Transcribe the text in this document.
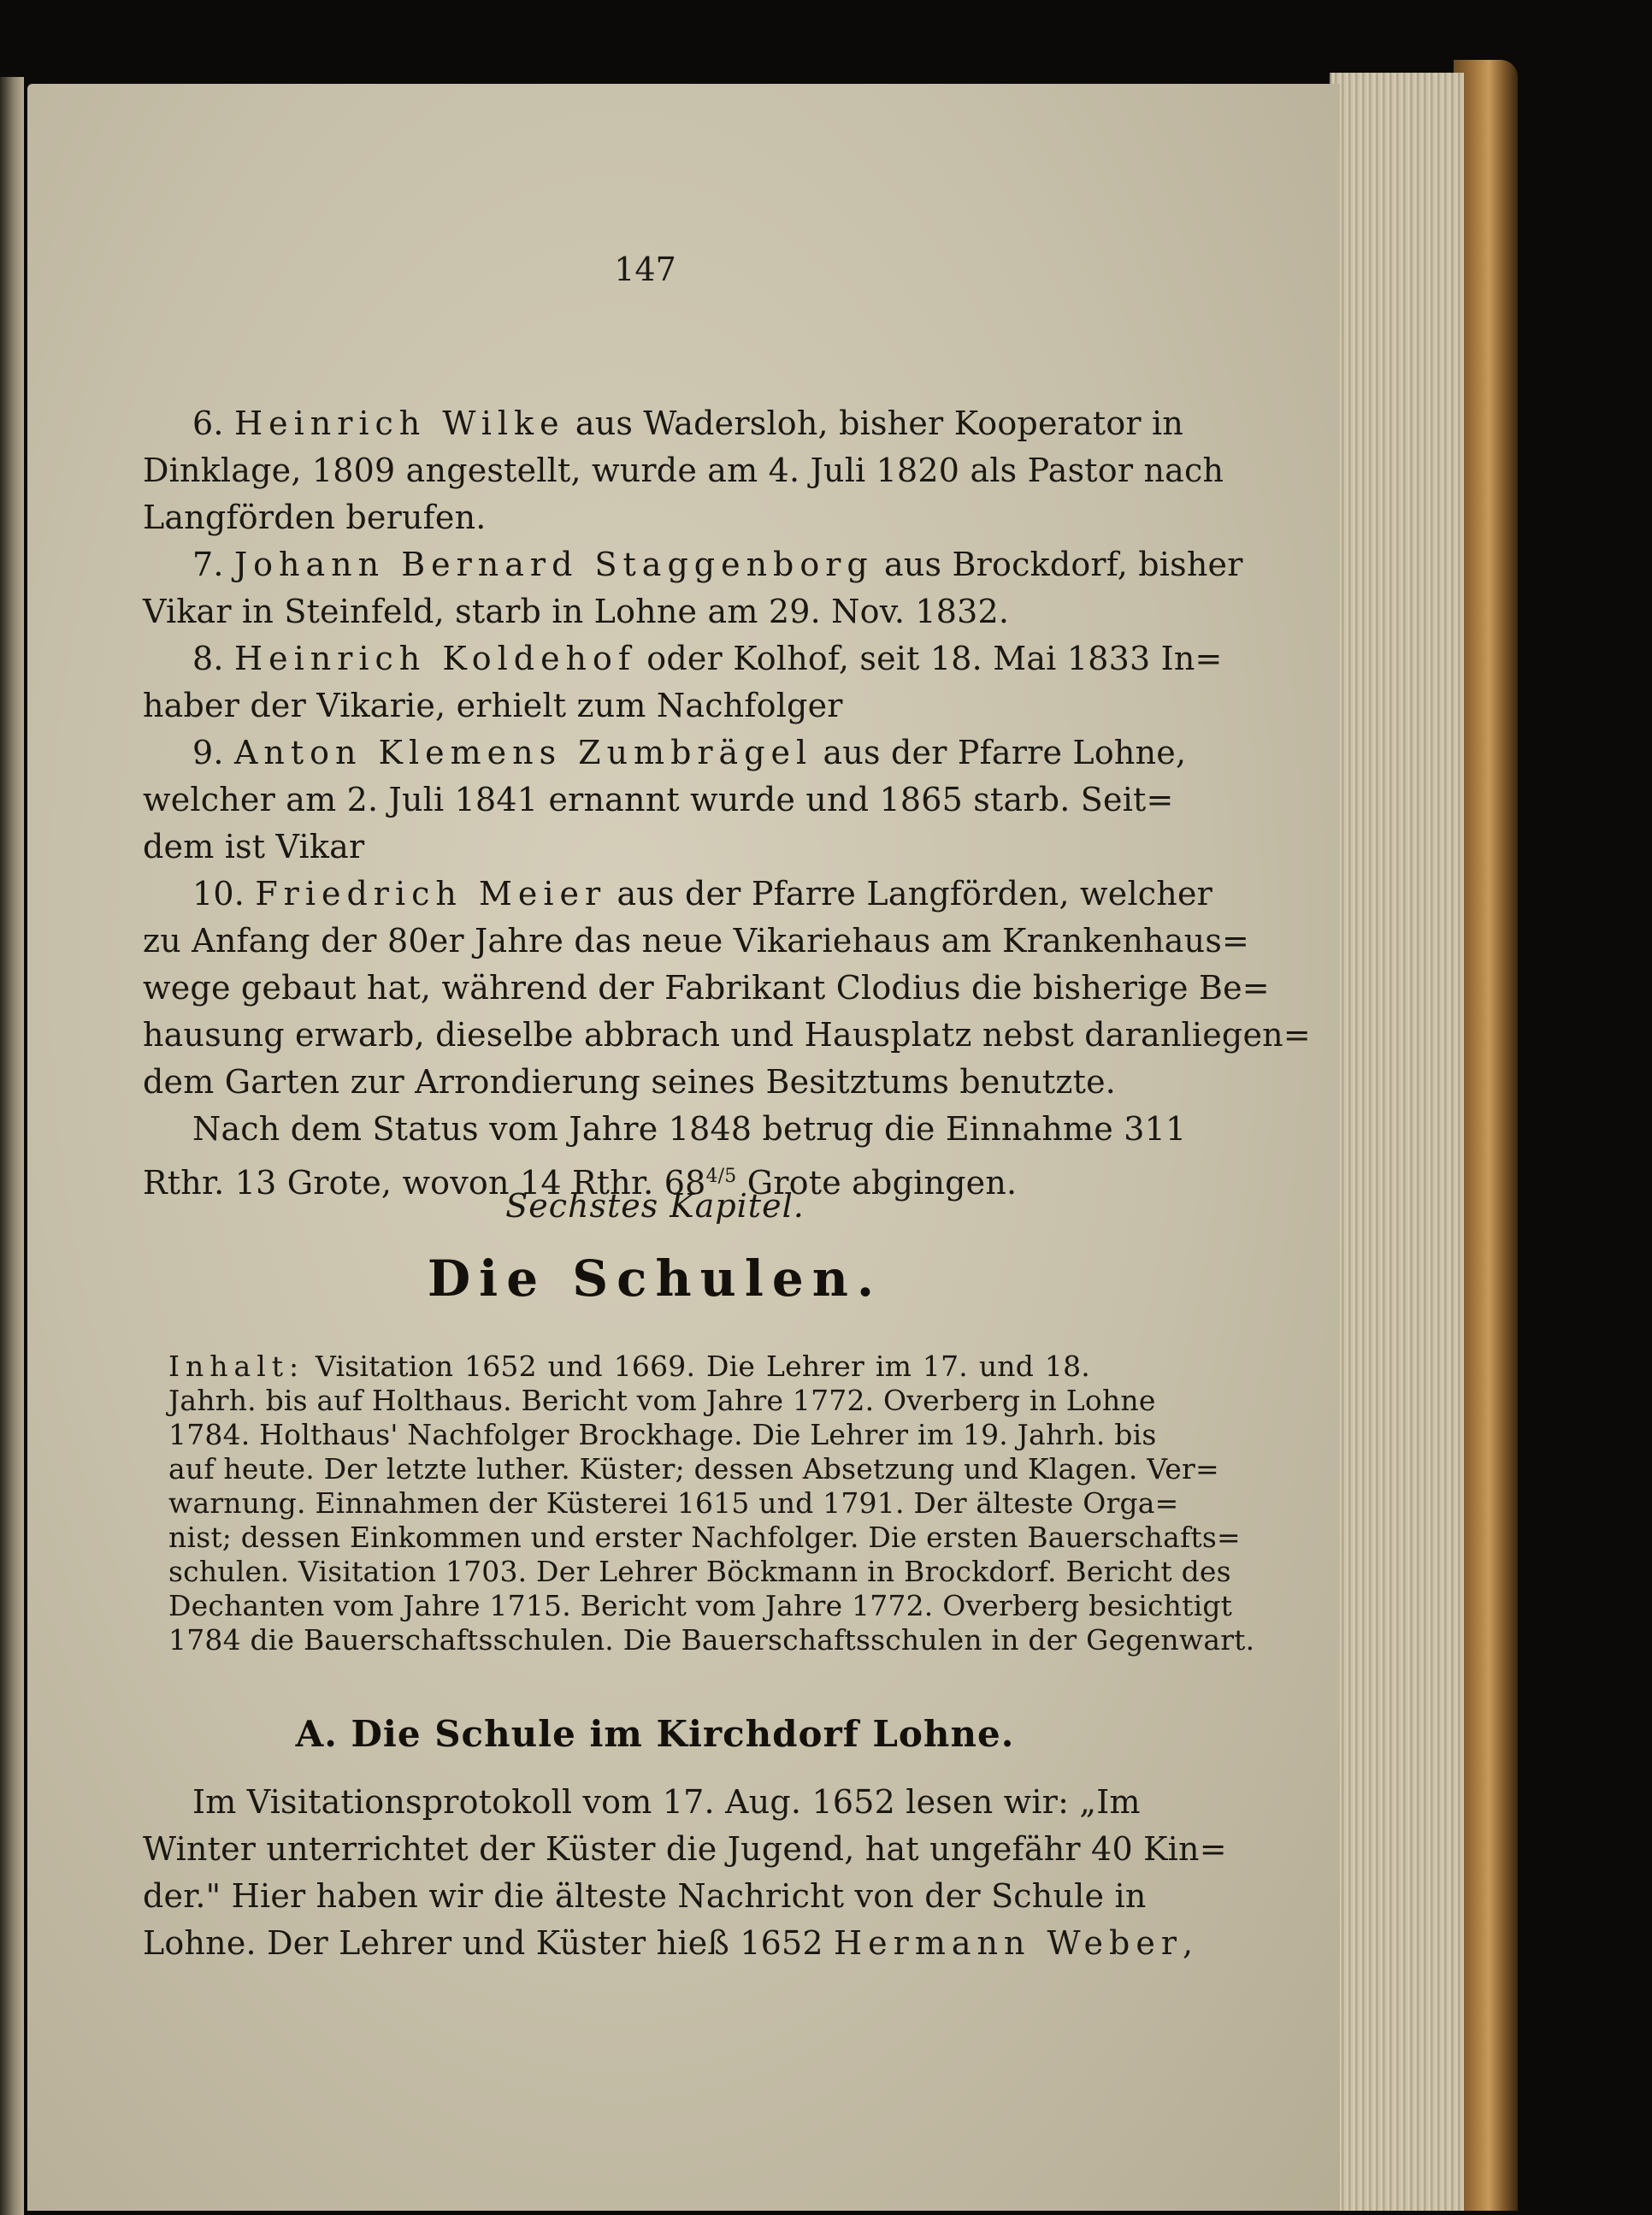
147
6. Heinrich Wilke aus Waderslоh, bisher Kooperator in
Dinklage, 1809 angestellt, wurde am 4. Juli 1820 als Pastor nach
Langförden berufen.
7. Johann Bernard Staggenborg aus Brockdorf, bisher
Vikar in Steinfeld, starb in Lohne am 29. Nov. 1832.
8. Heinrich Koldehof oder Kolhof, seit 18. Mai 1833 In=
haber der Vikarie, erhielt zum Nachfolger
9. Anton Klemens Zumbrägel aus der Pfarre Lohne,
welcher am 2. Juli 1841 ernannt wurde und 1865 starb. Seit=
dem ist Vikar
10. Friedrich Meier aus der Pfarre Langförden, welcher
zu Anfang der 80er Jahre das neue Vikariehaus am Krankenhaus=
wege gebaut hat, während der Fabrikant Clodius die bisherige Be=
hausung erwarb, dieselbe abbrach und Hausplatz nebst daranliegen=
dem Garten zur Arrondierung seines Besitztums benutzte.
Nach dem Status vom Jahre 1848 betrug die Einnahme 311
Rthr. 13 Grote, wovon 14 Rthr. $68^{4/5}$ Grote abgingen.
Sechstes Kapitel.
Die Schulen.
Inhalt: Visitation 1652 und 1669. Die Lehrer im 17. und 18.
Jahrh. bis auf Holthaus. Bericht vom Jahre 1772. Overberg in Lohne
1784. Holthaus' Nachfolger Brockhage. Die Lehrer im 19. Jahrh. bis
auf heute. Der letzte luther. Küster; dessen Absetzung und Klagen. Ver=
warnung. Einnahmen der Küsterei 1615 und 1791. Der älteste Orga=
nist; dessen Einkommen und erster Nachfolger. Die ersten Bauerschafts=
schulen. Visitation 1703. Der Lehrer Böckmann in Brockdorf. Bericht des
Dechanten vom Jahre 1715. Bericht vom Jahre 1772. Overberg besichtigt
1784 die Bauerschaftsschulen. Die Bauerschaftsschulen in der Gegenwart.
A. Die Schule im Kirchdorf Lohne.
Im Visitationsprotokoll vom 17. Aug. 1652 lesen wir: „Im
Winter unterrichtet der Küster die Jugend, hat ungefähr 40 Kin=
der." Hier haben wir die älteste Nachricht von der Schule in
Lohne. Der Lehrer und Küster hieß 1652 Hermann Weber,
